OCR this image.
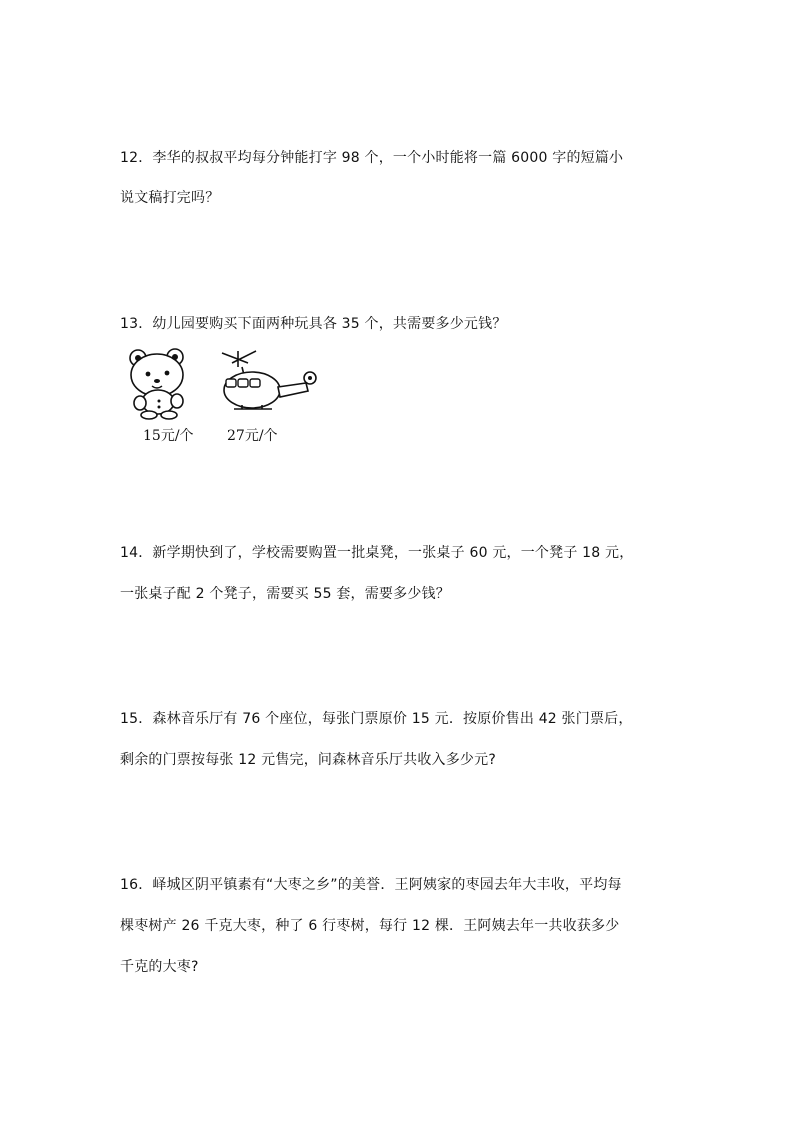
12．李华的叔叔平均每分钟能打字 98 个，一个小时能将一篇 6000 字的短篇小
说文稿打完吗？
13．幼儿园要购买下面两种玩具各 35 个，共需要多少元钱？
15元/个 27元/个
14．新学期快到了，学校需要购置一批桌凳，一张桌子 60 元，一个凳子 18 元，
一张桌子配 2 个凳子，需要买 55 套，需要多少钱？
15．森林音乐厅有 76 个座位，每张门票原价 15 元．按原价售出 42 张门票后，
剩余的门票按每张 12 元售完，问森林音乐厅共收入多少元?
16．峄城区阴平镇素有“大枣之乡”的美誉．王阿姨家的枣园去年大丰收，平均每
棵枣树产 26 千克大枣，种了 6 行枣树，每行 12 棵．王阿姨去年一共收获多少
千克的大枣?
